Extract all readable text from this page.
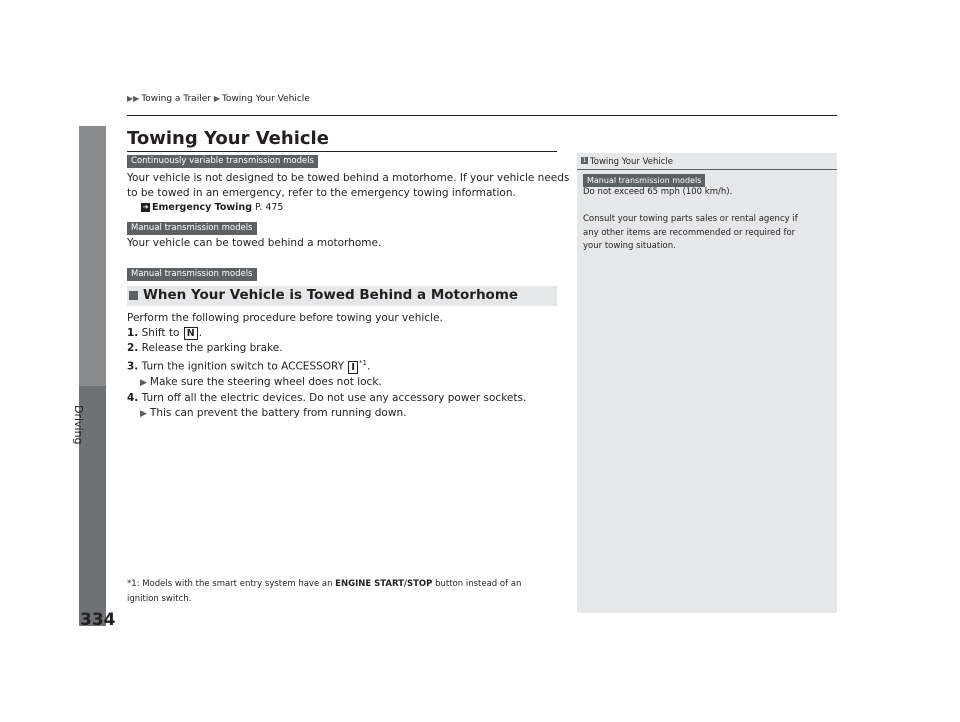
Driving
334
▶▶ Towing a Trailer ▶ Towing Your Vehicle
Towing Your Vehicle
Continuously variable transmission models
Your vehicle is not designed to be towed behind a motorhome. If your vehicle needs
to be towed in an emergency, refer to the emergency towing information.
➔ Emergency Towing P. 475
Manual transmission models
Your vehicle can be towed behind a motorhome.
Manual transmission models
When Your Vehicle is Towed Behind a Motorhome
Perform the following procedure before towing your vehicle.
1. Shift to N .
2. Release the parking brake.
3. Turn the ignition switch to ACCESSORY I $^{*1}$.
▶ Make sure the steering wheel does not lock.
4. Turn off all the electric devices. Do not use any accessory power sockets.
▶ This can prevent the battery from running down.
*1: Models with the smart entry system have an ENGINE START/STOP button instead of an
ignition switch.
1 Towing Your Vehicle
Manual transmission models
Do not exceed 65 mph (100 km/h).
Consult your towing parts sales or rental agency if
any other items are recommended or required for
your towing situation.
